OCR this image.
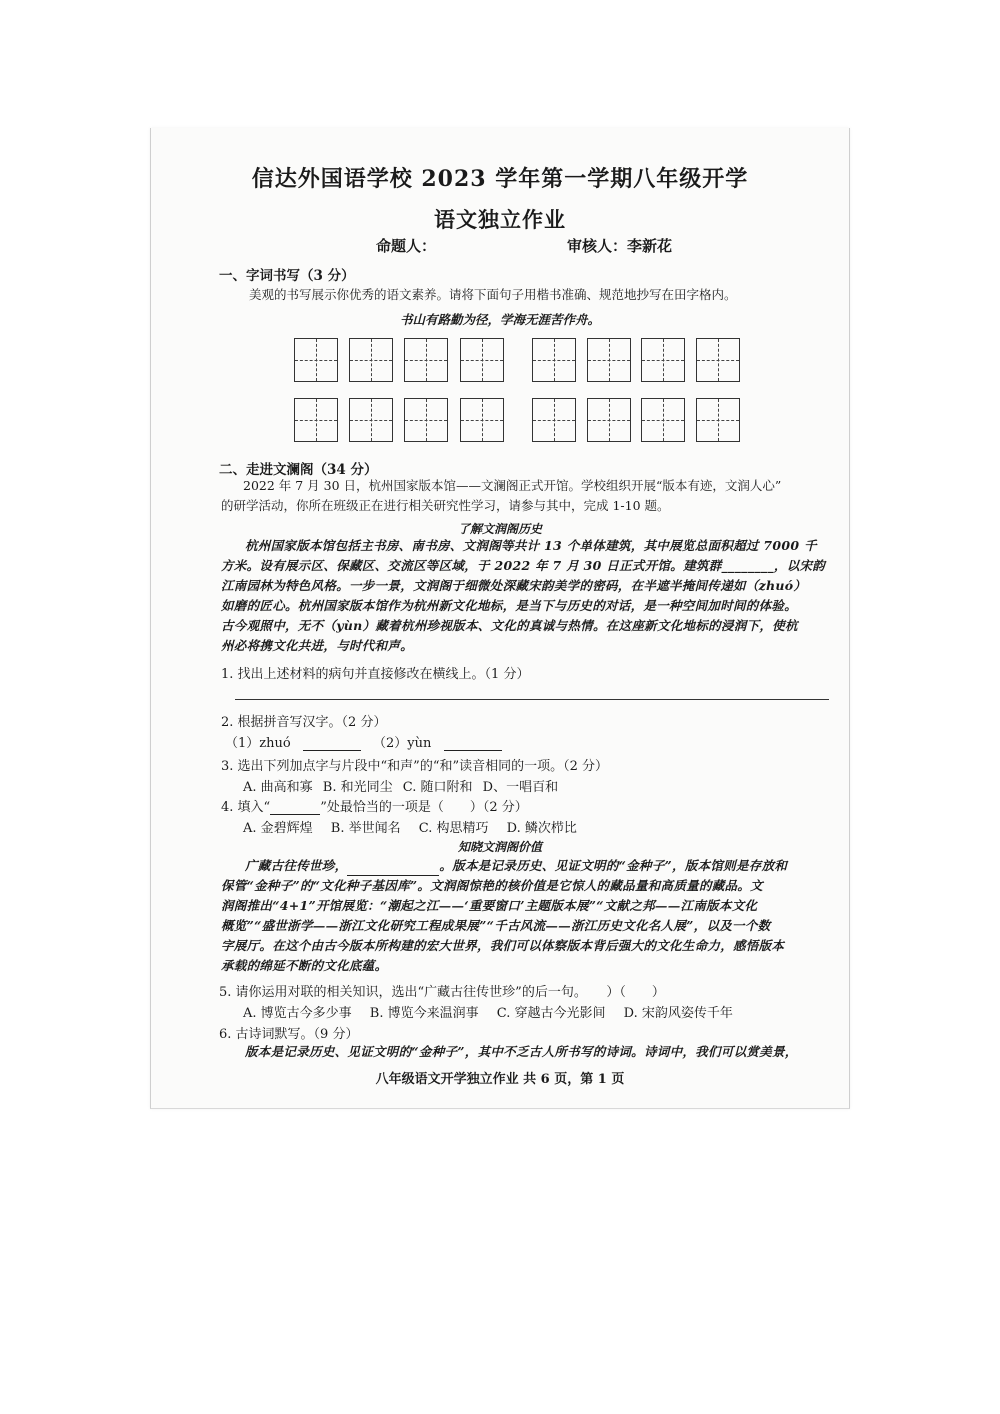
信达外国语学校 2023 学年第一学期八年级开学
语文独立作业
命题人：	审核人：李新花
一、字词书写（3 分）
美观的书写展示你优秀的语文素养。请将下面句子用楷书准确、规范地抄写在田字格内。
书山有路勤为径，学海无涯苦作舟。
二、走进文澜阁（34 分）
2022 年 7 月 30 日，杭州国家版本馆——文澜阁正式开馆。学校组织开展“版本有迹，文润人心”
的研学活动，你所在班级正在进行相关研究性学习，请参与其中，完成 1-10 题。
了解文润阁历史
杭州国家版本馆包括主书房、南书房、文润阁等共计 13 个单体建筑，其中展览总面积超过 7000 千
方米。设有展示区、保藏区、交流区等区域，于 2022 年 7 月 30 日正式开馆。建筑群________，以宋韵
江南园林为特色风格。一步一景，文润阁于细微处深藏宋韵美学的密码，在半遮半掩间传递如（zhuó）
如磨的匠心。杭州国家版本馆作为杭州新文化地标，是当下与历史的对话，是一种空间加时间的体验。
古今观照中，无不（yùn）藏着杭州珍视版本、文化的真诚与热情。在这座新文化地标的浸润下，使杭
州必将携文化共进，与时代和声。
1. 找出上述材料的病句并直接修改在横线上。（1 分）
2. 根据拼音写汉字。（2 分）
（1）zhuó	（2）yùn
3. 选出下列加点字与片段中“和声”的“和”读音相同的一项。（2 分）
A. 曲高和寡 B. 和光同尘 C. 随口附和 D、一唱百和
4. 填入“	”处最恰当的一项是（　　）（2 分）
A. 金碧辉煌 B. 举世闻名 C. 构思精巧 D. 鳞次栉比
知晓文润阁价值
广藏古往传世珍，	。版本是记录历史、见证文明的“金种子”，版本馆则是存放和
保管“金种子”的“文化种子基因库”。文润阁惊艳的核价值是它惊人的藏品量和高质量的藏品。文
润阁推出“4+1”开馆展览：“潮起之江——‘重要窗口’主题版本展”“文献之邦——江南版本文化
概览”“盛世浙学——浙江文化研究工程成果展”“千古风流——浙江历史文化名人展”，以及一个数
字展厅。在这个由古今版本所构建的宏大世界，我们可以体察版本背后强大的文化生命力，感悟版本
承载的绵延不断的文化底蕴。
5. 请你运用对联的相关知识，选出“广藏古往传世珍”的后一句。　　）（　　）
A. 博览古今多少事 B. 博览今来温润事 C. 穿越古今光影间 D. 宋韵风姿传千年
6. 古诗词默写。（9 分）
版本是记录历史、见证文明的“金种子”，其中不乏古人所书写的诗词。诗词中，我们可以赏美景，
八年级语文开学独立作业 共 6 页，第 1 页
